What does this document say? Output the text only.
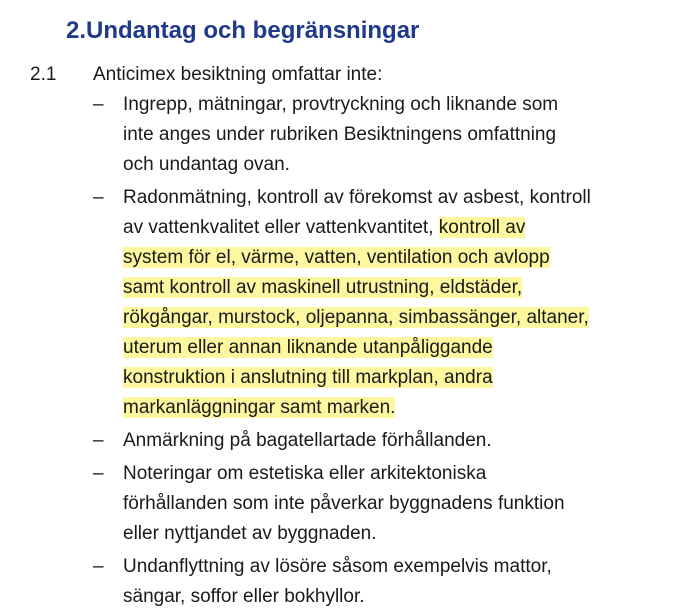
2.Undantag och begränsningar
2.1 Anticimex besiktning omfattar inte:
– Ingrepp, mätningar, provtryckning och liknande som
inte anges under rubriken Besiktningens omfattning
och undantag ovan.
– Radonmätning, kontroll av förekomst av asbest, kontroll
av vattenkvalitet eller vattenkvantitet, kontroll av
system för el, värme, vatten, ventilation och avlopp
samt kontroll av maskinell utrustning, eldstäder,
rökgångar, murstock, oljepanna, simbassänger, altaner,
uterum eller annan liknande utanpåliggande
konstruktion i anslutning till markplan, andra
markanläggningar samt marken.
– Anmärkning på bagatellartade förhållanden.
– Noteringar om estetiska eller arkitektoniska
förhållanden som inte påverkar byggnadens funktion
eller nyttjandet av byggnaden.
– Undanflyttning av lösöre såsom exempelvis mattor,
sängar, soffor eller bokhyllor.
